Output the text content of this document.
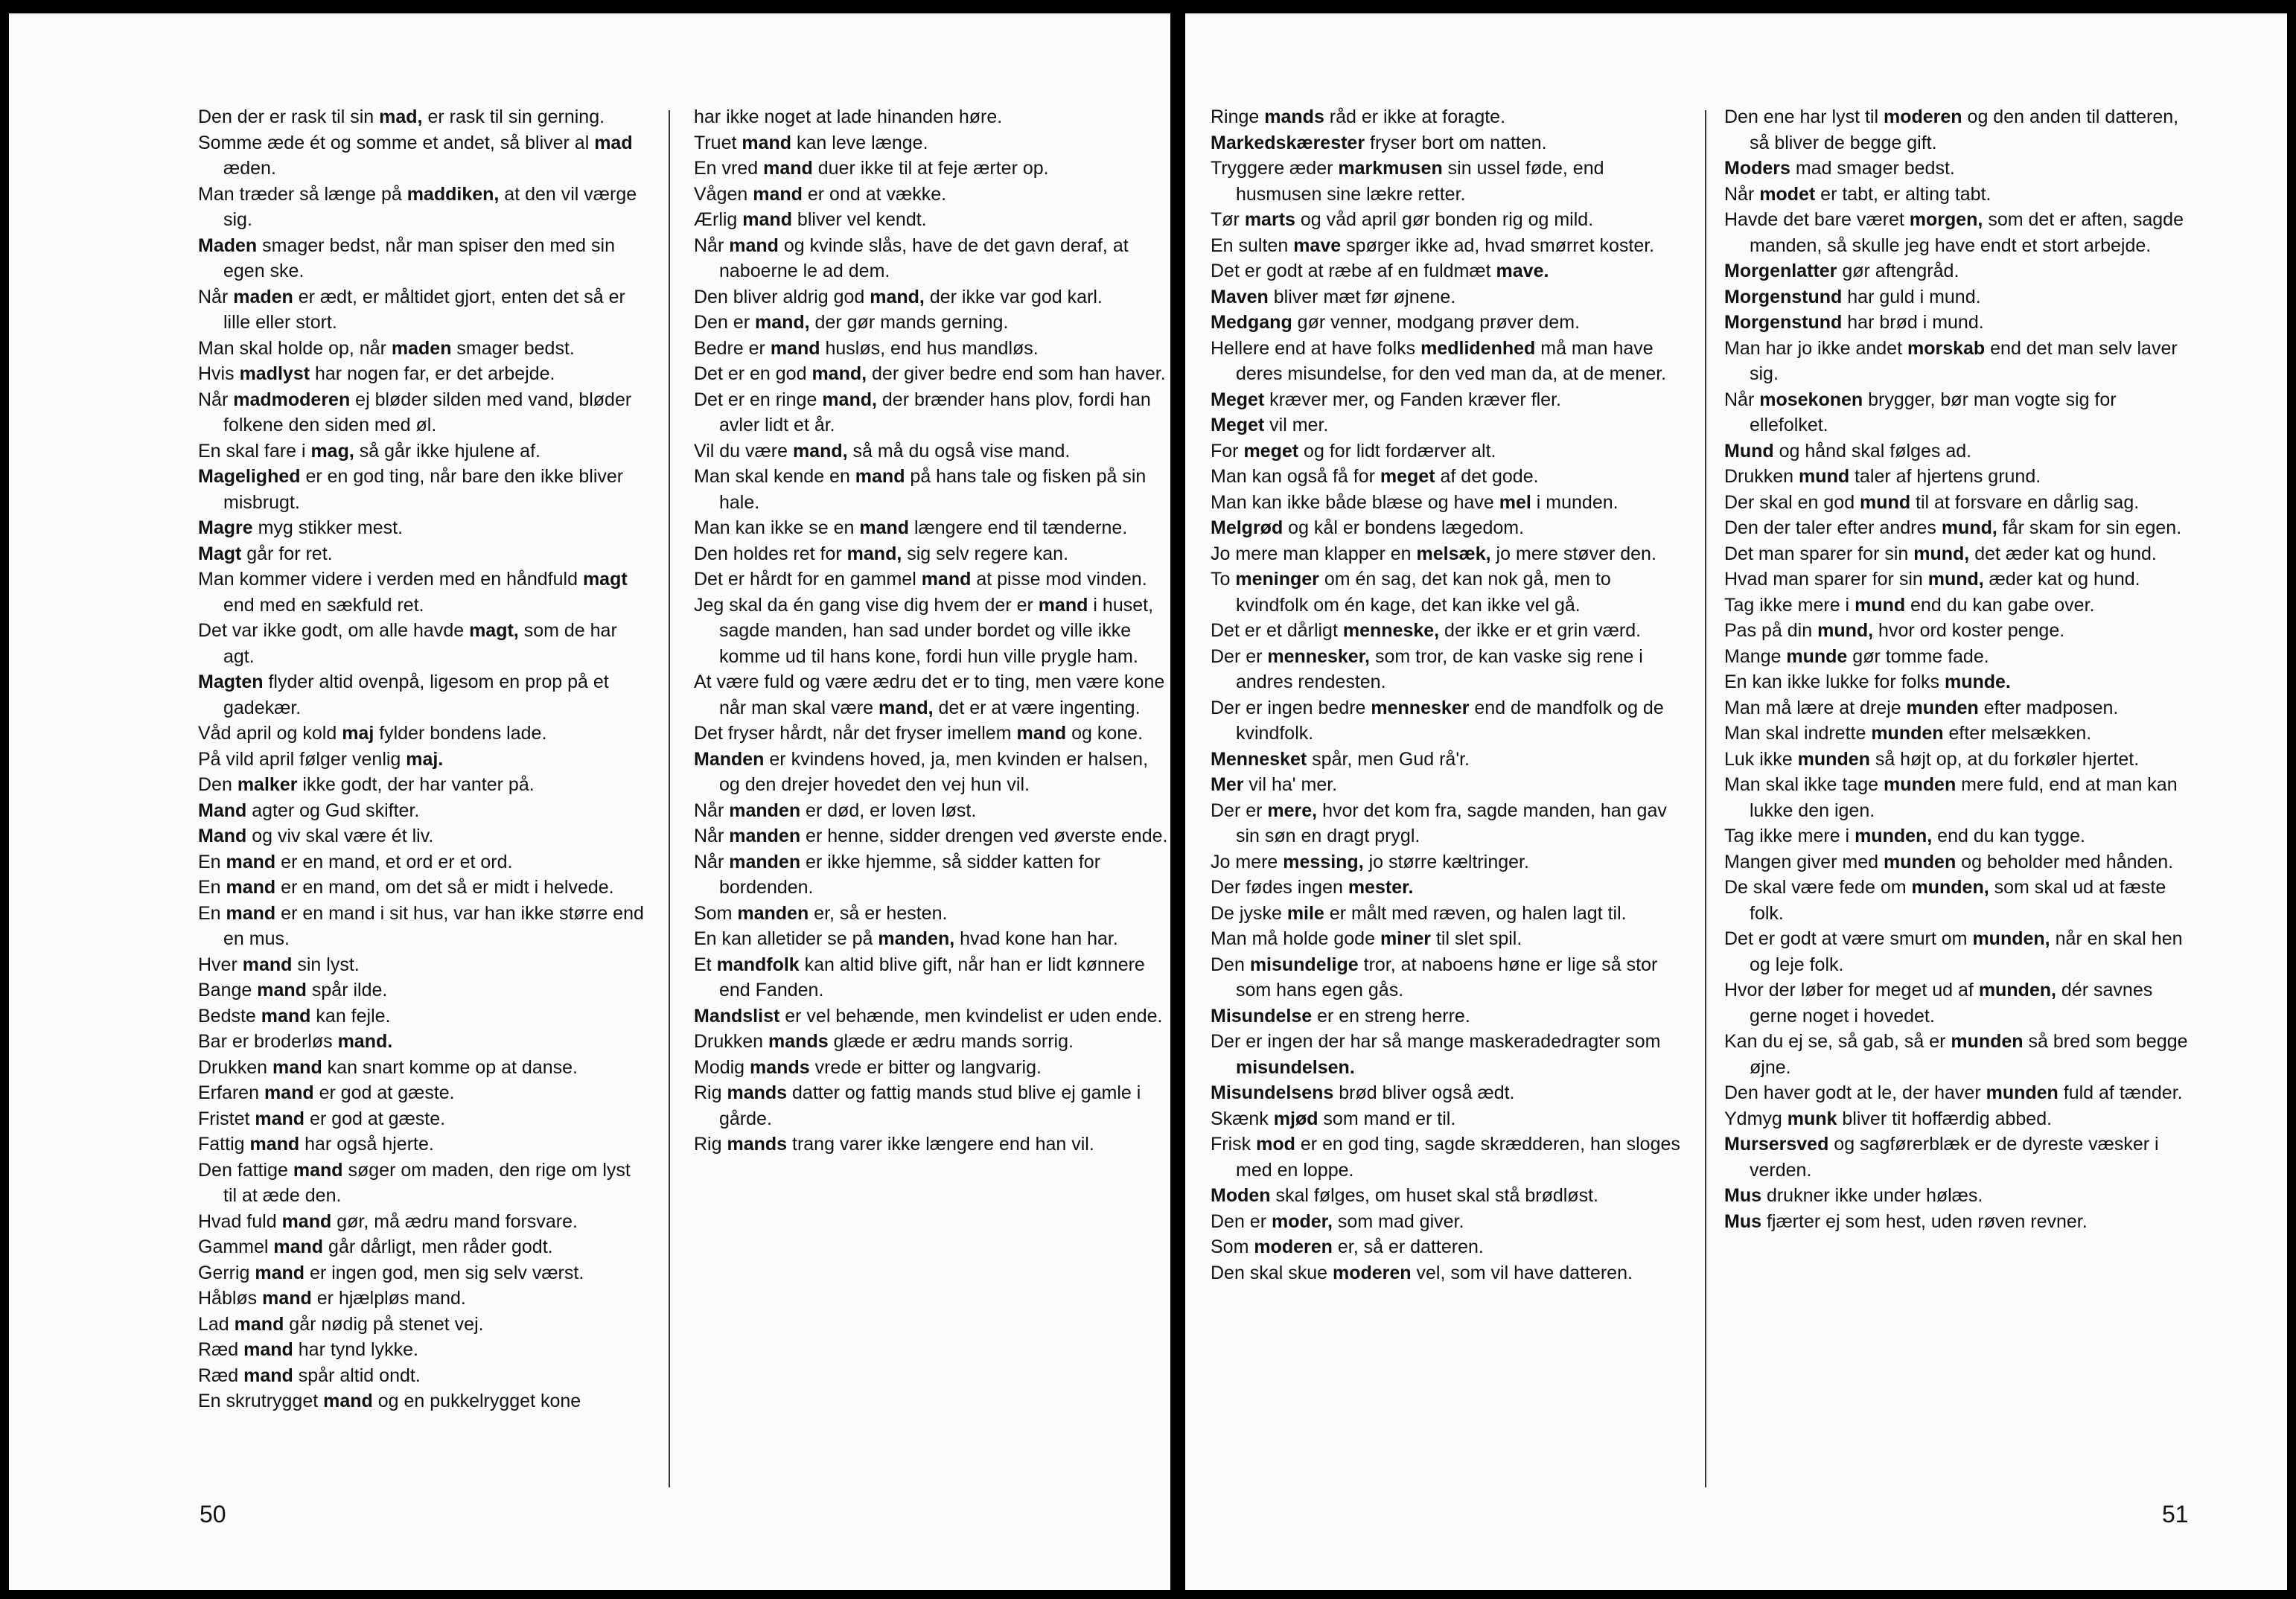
Den der er rask til sin mad, er rask til sin gerning.

Somme æde ét og somme et andet, så bliver al mad æden.

Man træder så længe på maddiken, at den vil værge sig.

Maden smager bedst, når man spiser den med sin egen ske.

Når maden er ædt, er måltidet gjort, enten det så er lille eller stort.

Man skal holde op, når maden smager bedst.

Hvis madlyst har nogen far, er det arbejde.

Når madmoderen ej bløder silden med vand, bløder folkene den siden med øl.

En skal fare i mag, så går ikke hjulene af.

Magelighed er en god ting, når bare den ikke bliver misbrugt.

Magre myg stikker mest.

Magt går for ret.

Man kommer videre i verden med en håndfuld magt end med en sækfuld ret.

Det var ikke godt, om alle havde magt, som de har agt.

Magten flyder altid ovenpå, ligesom en prop på et gadekær.

Våd april og kold maj fylder bondens lade.

På vild april følger venlig maj.

Den malker ikke godt, der har vanter på.

Mand agter og Gud skifter.

Mand og viv skal være ét liv.

En mand er en mand, et ord er et ord.

En mand er en mand, om det så er midt i helvede.

En mand er en mand i sit hus, var han ikke større end en mus.

Hver mand sin lyst.

Bange mand spår ilde.

Bedste mand kan fejle.

Bar er broderløs mand.

Drukken mand kan snart komme op at danse.

Erfaren mand er god at gæste.

Fristet mand er god at gæste.

Fattig mand har også hjerte.

Den fattige mand søger om maden, den rige om lyst til at æde den.

Hvad fuld mand gør, må ædru mand forsvare.

Gammel mand går dårligt, men råder godt.

Gerrig mand er ingen god, men sig selv værst.

Håbløs mand er hjælpløs mand.

Lad mand går nødig på stenet vej.

Ræd mand har tynd lykke.

Ræd mand spår altid ondt.

En skrutrygget mand og en pukkelrygget kone

har ikke noget at lade hinanden høre.

Truet mand kan leve længe.

En vred mand duer ikke til at feje ærter op.

Vågen mand er ond at vække.

Ærlig mand bliver vel kendt.

Når mand og kvinde slås, have de det gavn deraf, at naboerne le ad dem.

Den bliver aldrig god mand, der ikke var god karl.

Den er mand, der gør mands gerning.

Bedre er mand husløs, end hus mandløs.

Det er en god mand, der giver bedre end som han haver.

Det er en ringe mand, der brænder hans plov, fordi han avler lidt et år.

Vil du være mand, så må du også vise mand.

Man skal kende en mand på hans tale og fisken på sin hale.

Man kan ikke se en mand længere end til tænderne.

Den holdes ret for mand, sig selv regere kan.

Det er hårdt for en gammel mand at pisse mod vinden.

Jeg skal da én gang vise dig hvem der er mand i huset, sagde manden, han sad under bordet og ville ikke komme ud til hans kone, fordi hun ville prygle ham.

At være fuld og være ædru det er to ting, men være kone når man skal være mand, det er at være ingenting.

Det fryser hårdt, når det fryser imellem mand og kone.

Manden er kvindens hoved, ja, men kvinden er halsen, og den drejer hovedet den vej hun vil.

Når manden er død, er loven løst.

Når manden er henne, sidder drengen ved øverste ende.

Når manden er ikke hjemme, så sidder katten for bordenden.

Som manden er, så er hesten.

En kan alletider se på manden, hvad kone han har.

Et mandfolk kan altid blive gift, når han er lidt kønnere end Fanden.

Mandslist er vel behænde, men kvindelist er uden ende.

Drukken mands glæde er ædru mands sorrig.

Modig mands vrede er bitter og langvarig.

Rig mands datter og fattig mands stud blive ej gamle i gårde.

Rig mands trang varer ikke længere end han vil.

50

Ringe mands råd er ikke at foragte.

Markedskærester fryser bort om natten.

Tryggere æder markmusen sin ussel føde, end husmusen sine lækre retter.

Tør marts og våd april gør bonden rig og mild.

En sulten mave spørger ikke ad, hvad smørret koster.

Det er godt at ræbe af en fuldmæt mave.

Maven bliver mæt før øjnene.

Medgang gør venner, modgang prøver dem.

Hellere end at have folks medlidenhed må man have deres misundelse, for den ved man da, at de mener.

Meget kræver mer, og Fanden kræver fler.

Meget vil mer.

For meget og for lidt fordærver alt.

Man kan også få for meget af det gode.

Man kan ikke både blæse og have mel i munden.

Melgrød og kål er bondens lægedom.

Jo mere man klapper en melsæk, jo mere støver den.

To meninger om én sag, det kan nok gå, men to kvindfolk om én kage, det kan ikke vel gå.

Det er et dårligt menneske, der ikke er et grin værd.

Der er mennesker, som tror, de kan vaske sig rene i andres rendesten.

Der er ingen bedre mennesker end de mandfolk og de kvindfolk.

Mennesket spår, men Gud rå'r.

Mer vil ha' mer.

Der er mere, hvor det kom fra, sagde manden, han gav sin søn en dragt prygl.

Jo mere messing, jo større kæltringer.

Der fødes ingen mester.

De jyske mile er målt med ræven, og halen lagt til.

Man må holde gode miner til slet spil.

Den misundelige tror, at naboens høne er lige så stor som hans egen gås.

Misundelse er en streng herre.

Der er ingen der har så mange maskeradedragter som misundelsen.

Misundelsens brød bliver også ædt.

Skænk mjød som mand er til.

Frisk mod er en god ting, sagde skrædderen, han sloges med en loppe.

Moden skal følges, om huset skal stå brødløst.

Den er moder, som mad giver.

Som moderen er, så er datteren.

Den skal skue moderen vel, som vil have datteren.

Den ene har lyst til moderen og den anden til datteren, så bliver de begge gift.

Moders mad smager bedst.

Når modet er tabt, er alting tabt.

Havde det bare været morgen, som det er aften, sagde manden, så skulle jeg have endt et stort arbejde.

Morgenlatter gør aftengråd.

Morgenstund har guld i mund.

Morgenstund har brød i mund.

Man har jo ikke andet morskab end det man selv laver sig.

Når mosekonen brygger, bør man vogte sig for ellefolket.

Mund og hånd skal følges ad.

Drukken mund taler af hjertens grund.

Der skal en god mund til at forsvare en dårlig sag.

Den der taler efter andres mund, får skam for sin egen.

Det man sparer for sin mund, det æder kat og hund.

Hvad man sparer for sin mund, æder kat og hund.

Tag ikke mere i mund end du kan gabe over.

Pas på din mund, hvor ord koster penge.

Mange munde gør tomme fade.

En kan ikke lukke for folks munde.

Man må lære at dreje munden efter madposen.

Man skal indrette munden efter melsækken.

Luk ikke munden så højt op, at du forkøler hjertet.

Man skal ikke tage munden mere fuld, end at man kan lukke den igen.

Tag ikke mere i munden, end du kan tygge.

Mangen giver med munden og beholder med hånden.

De skal være fede om munden, som skal ud at fæste folk.

Det er godt at være smurt om munden, når en skal hen og leje folk.

Hvor der løber for meget ud af munden, dér savnes gerne noget i hovedet.

Kan du ej se, så gab, så er munden så bred som begge øjne.

Den haver godt at le, der haver munden fuld af tænder.

Ydmyg munk bliver tit hoffærdig abbed.

Mursersved og sagførerblæk er de dyreste væsker i verden.

Mus drukner ikke under hølæs.

Mus fjærter ej som hest, uden røven revner.

51
